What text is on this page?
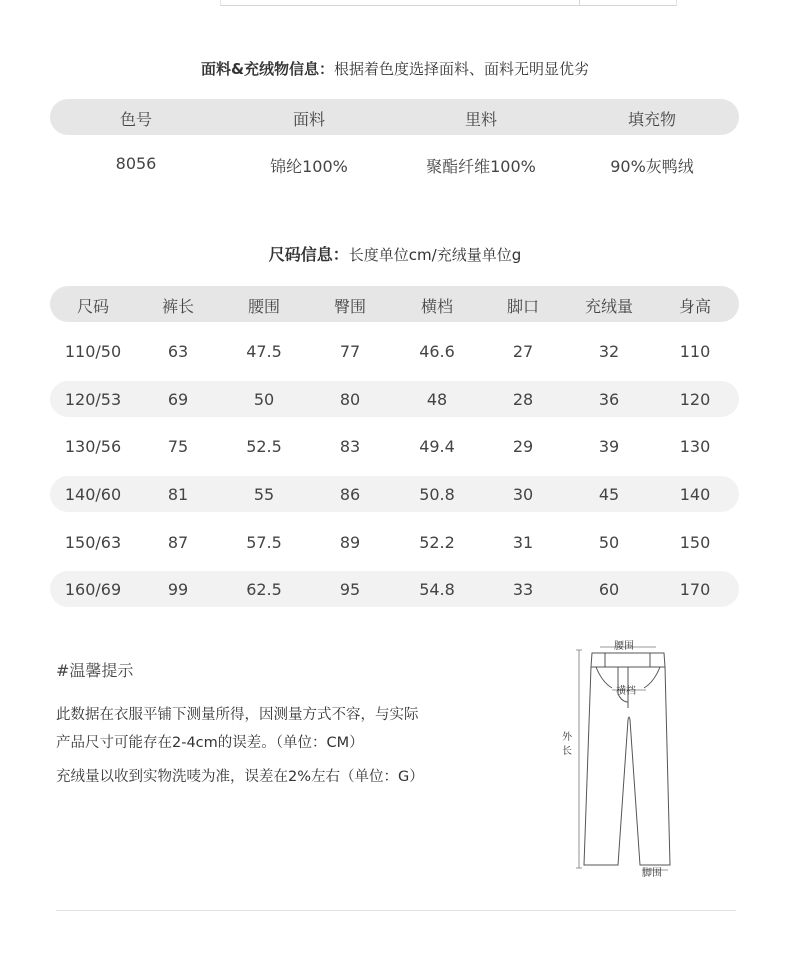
面料&充绒物信息：根据着色度选择面料、面料无明显优劣
色号	面料	里料	填充物
8056	锦纶100%	聚酯纤维100%	90%灰鸭绒
尺码信息：长度单位cm/充绒量单位g
尺码	裤长	腰围	臀围	横档	脚口	充绒量	身高
110/50	63	47.5	77	46.6	27	32	110
120/53	69	50	80	48	28	36	120
130/56	75	52.5	83	49.4	29	39	130
140/60	81	55	86	50.8	30	45	140
150/63	87	57.5	89	52.2	31	50	150
160/69	99	62.5	95	54.8	33	60	170
#温馨提示
此数据在衣服平铺下测量所得，因测量方式不容，与实际
产品尺寸可能存在2-4cm的误差。（单位：CM）
充绒量以收到实物洗唛为准，误差在2%左右（单位：G）
腰围
横档
外
长
脚围
